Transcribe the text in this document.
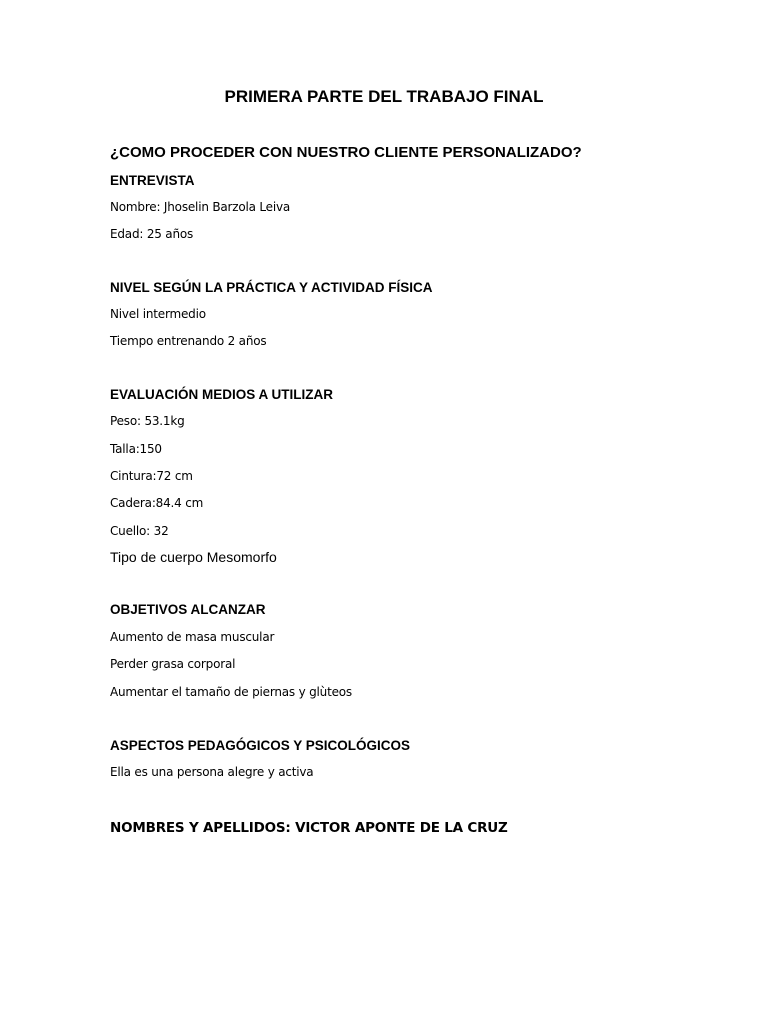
PRIMERA PARTE DEL TRABAJO FINAL

¿COMO PROCEDER CON NUESTRO CLIENTE PERSONALIZADO?

ENTREVISTA

Nombre: Jhoselin Barzola Leiva

Edad: 25 años

NIVEL SEGÚN LA PRÁCTICA Y ACTIVIDAD FÍSICA

Nivel intermedio

Tiempo entrenando 2 años

EVALUACIÓN MEDIOS A UTILIZAR

Peso: 53.1kg

Talla:150

Cintura:72 cm

Cadera:84.4 cm

Cuello: 32

Tipo de cuerpo Mesomorfo

OBJETIVOS ALCANZAR

Aumento de masa muscular

Perder grasa corporal

Aumentar el tamaño de piernas y glùteos

ASPECTOS PEDAGÓGICOS Y PSICOLÓGICOS

Ella es una persona alegre y activa

NOMBRES Y APELLIDOS: VICTOR APONTE DE LA CRUZ
